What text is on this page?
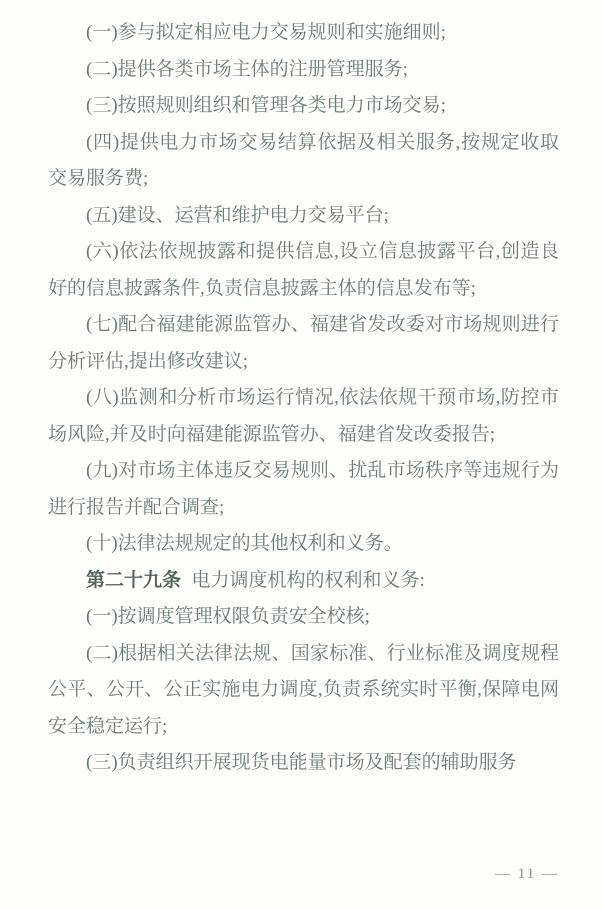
(一)参与拟定相应电力交易规则和实施细则;

(二)提供各类市场主体的注册管理服务;

(三)按照规则组织和管理各类电力市场交易;

(四)提供电力市场交易结算依据及相关服务,按规定收取交易服务费;

(五)建设、运营和维护电力交易平台;

(六)依法依规披露和提供信息,设立信息披露平台,创造良好的信息披露条件,负责信息披露主体的信息发布等;

(七)配合福建能源监管办、福建省发改委对市场规则进行分析评估,提出修改建议;

(八)监测和分析市场运行情况,依法依规干预市场,防控市场风险,并及时向福建能源监管办、福建省发改委报告;

(九)对市场主体违反交易规则、扰乱市场秩序等违规行为进行报告并配合调查;

(十)法律法规规定的其他权利和义务。

第二十九条 电力调度机构的权利和义务:

(一)按调度管理权限负责安全校核;

(二)根据相关法律法规、国家标准、行业标准及调度规程公平、公开、公正实施电力调度,负责系统实时平衡,保障电网安全稳定运行;

(三)负责组织开展现货电能量市场及配套的辅助服务

— 11 —
